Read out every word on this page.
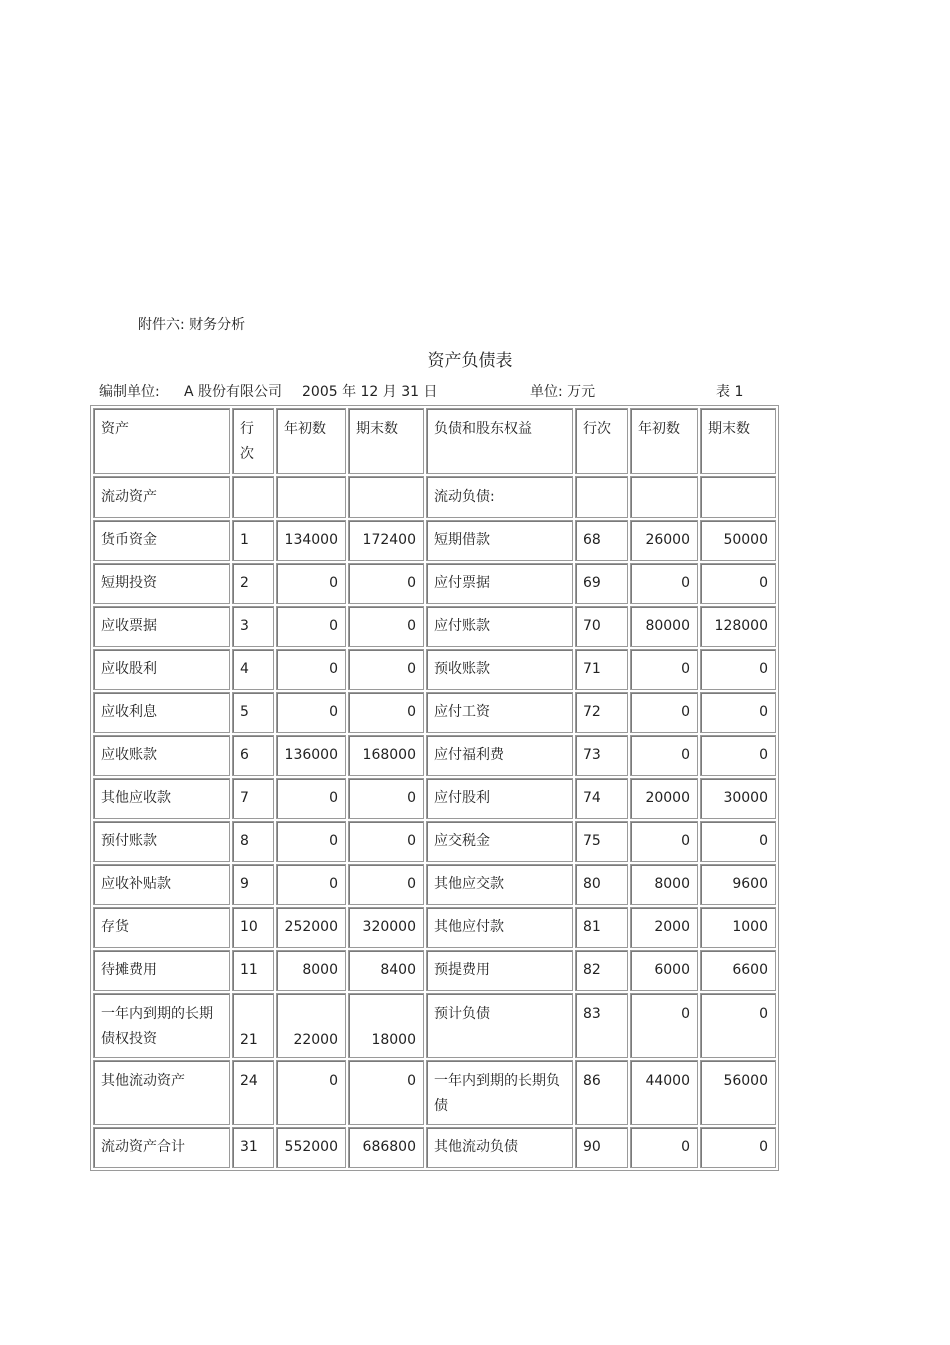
附件六: 财务分析
资产负债表
编制单位: A 股份有限公司 2005 年 12 月 31 日	单位: 万元	表 1
资产	行次	年初数	期末数	负债和股东权益	行次	年初数	期末数
流动资产				流动负债:			
货币资金	1	134000	172400	短期借款	68	26000	50000
短期投资	2	0	0	应付票据	69	0	0
应收票据	3	0	0	应付账款	70	80000	128000
应收股利	4	0	0	预收账款	71	0	0
应收利息	5	0	0	应付工资	72	0	0
应收账款	6	136000	168000	应付福利费	73	0	0
其他应收款	7	0	0	应付股利	74	20000	30000
预付账款	8	0	0	应交税金	75	0	0
应收补贴款	9	0	0	其他应交款	80	8000	9600
存货	10	252000	320000	其他应付款	81	2000	1000
待摊费用	11	8000	8400	预提费用	82	6000	6600
一年内到期的长期债权投资	21	22000	18000	预计负债	83	0	0
其他流动资产	24	0	0	一年内到期的长期负债	86	44000	56000
流动资产合计	31	552000	686800	其他流动负债	90	0	0
